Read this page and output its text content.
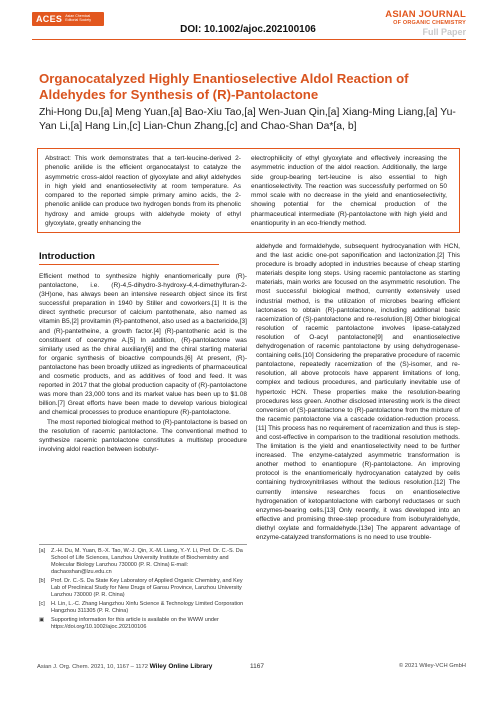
ACES Asian Chemical Editorial Society
DOI: 10.1002/ajoc.202100106
ASIAN JOURNAL
OF ORGANIC CHEMISTRY
Full Paper
Organocatalyzed Highly Enantioselective Aldol Reaction of Aldehydes for Synthesis of (R)-Pantolactone
Zhi-Hong Du,[a] Meng Yuan,[a] Bao-Xiu Tao,[a] Wen-Juan Qin,[a] Xiang-Ming Liang,[a] Yu-Yan Li,[a] Hang Lin,[c] Lian-Chun Zhang,[c] and Chao-Shan Da*[a, b]
Abstract: This work demonstrates that a tert-leucine-derived 2-phenolic anilide is the efficient organocatalyst to catalyze the asymmetric cross-aldol reaction of glyoxylate and alkyl aldehydes in high yield and enantioselectivity at room temperature. As compared to the reported simple primary amino acids, the 2-phenolic anilide can produce two hydrogen bonds from its phenolic hydroxy and amide groups with aldehyde moiety of ethyl glyoxylate, greatly enhancing the
electrophilicity of ethyl glyoxylate and effectively increasing the asymmetric induction of the aldol reaction. Additionally, the large side group-bearing tert-leucine is also essential to high enantioselectivity. The reaction was successfully performed on 50 mmol scale with no decrease in the yield and enantioselectivity, showing potential for the chemical production of the pharmaceutical intermediate (R)-pantolactone with high yield and enantiopurity in an eco-friendly method.
Introduction

Efficient method to synthesize highly enantiomerically pure (R)-pantolactone, i.e. (R)-4,5-dihydro-3-hydroxy-4,4-dimethylfuran-2-(3H)one, has always been an intensive research object since its first successful preparation in 1940 by Stiller and coworkers.[1] It is the direct synthetic precursor of calcium pantothenate, also named as vitamin B5,[2] provitamin (R)-pantothenol, also used as a bactericide,[3] and (R)-pantetheine, a growth factor.[4] (R)-pantothenic acid is the constituent of coenzyme A.[5] In addition, (R)-pantolactone was similarly used as the chiral auxiliary[6] and the chiral starting material for organic synthesis of bioactive compounds.[6] At present, (R)-pantolactone has been broadly utilized as ingredients of pharmaceutical and cosmetic products, and as additives of food and feed. It was reported in 2017 that the global production capacity of (R)-pantolactone was more than 23,000 tons and its market value has been up to $1.08 billion.[7] Great efforts have been made to develop various biological and chemical processes to produce enantiopure (R)-pantolactone.

The most reported biological method to (R)-pantolactone is based on the resolution of racemic pantolactone. The conventional method to synthesize racemic pantolactone constitutes a multistep procedure involving aldol reaction between isobutyr-

aldehyde and formaldehyde, subsequent hydrocyanation with HCN, and the last acidic one-pot saponification and lactonization.[2] This procedure is broadly adopted in industries because of cheap starting materials despite long steps. Using racemic pantolactone as starting materials, main works are focused on the asymmetric resolution. The most successful biological method, currently extensively used industrial method, is the utilization of microbes bearing efficient lactonases to obtain (R)-pantolactone, including additional basic racemization of (S)-pantolactone and re-resolution.[8] Other biological resolution of racemic pantolactone involves lipase-catalyzed resolution of O-acyl pantolactone[9] and enantioselective dehydrogenation of racemic pantolactone by using dehydrogenase-containing cells.[10] Considering the preparative procedure of racemic pantolactone, repeatedly racemization of the (S)-isomer, and re-resolution, all above protocols have apparent limitations of long, complex and tedious procedures, and particularly inevitable use of hypertoxic HCN. These properties make the resolution-bearing procedures less green. Another disclosed interesting work is the direct conversion of (S)-pantolactone to (R)-pantolactone from the mixture of the racemic pantolactone via a cascade oxidation-reduction process.[11] This process has no requirement of racemization and thus is step- and cost-effective in comparison to the traditional resolution methods. The limitation is the yield and enantioselectivity need to be further increased. The enzyme-catalyzed asymmetric transformation is another method to enantiopure (R)-pantolactone. An improving protocol is the enantiomerically hydrocyanation catalyzed by cells containing hydroxynitrilases without the tedious resolution.[12] The currently intensive researches focus on enantioselective hydrogenation of ketopantolactone with carbonyl reductases or such enzymes-bearing cells.[13] Only recently, it was developed into an effective and promising three-step procedure from isobutyraldehyde, diethyl oxylate and formaldehyde.[13e] The apparent advantage of enzyme-catalyzed transformations is no need to use trouble-
[a]	Z.-H. Du, M. Yuan, B.-X. Tao, W.-J. Qin, X.-M. Liang, Y.-Y. Li, Prof. Dr. C.-S. Da School of Life Sciences, Lanzhou University Institute of Biochemistry and Molecular Biology Lanzhou 730000 (P. R. China) E-mail: dachaoshan@lzu.edu.cn
[b]	Prof. Dr. C.-S. Da State Key Laboratory of Applied Organic Chemistry, and Key Lab of Preclinical Study for New Drugs of Gansu Province, Lanzhou University Lanzhou 730000 (P. R. China)
[c]	H. Lin, L.-C. Zhang Hangzhou Xinfu Science & Technology Limited Corporation Hangzhou 311305 (P. R. China)
▣	Supporting information for this article is available on the WWW under https://doi.org/10.1002/ajoc.202100106
Asian J. Org. Chem. 2021, 10, 1167 – 1172 Wiley Online Library	1167	© 2021 Wiley-VCH GmbH
